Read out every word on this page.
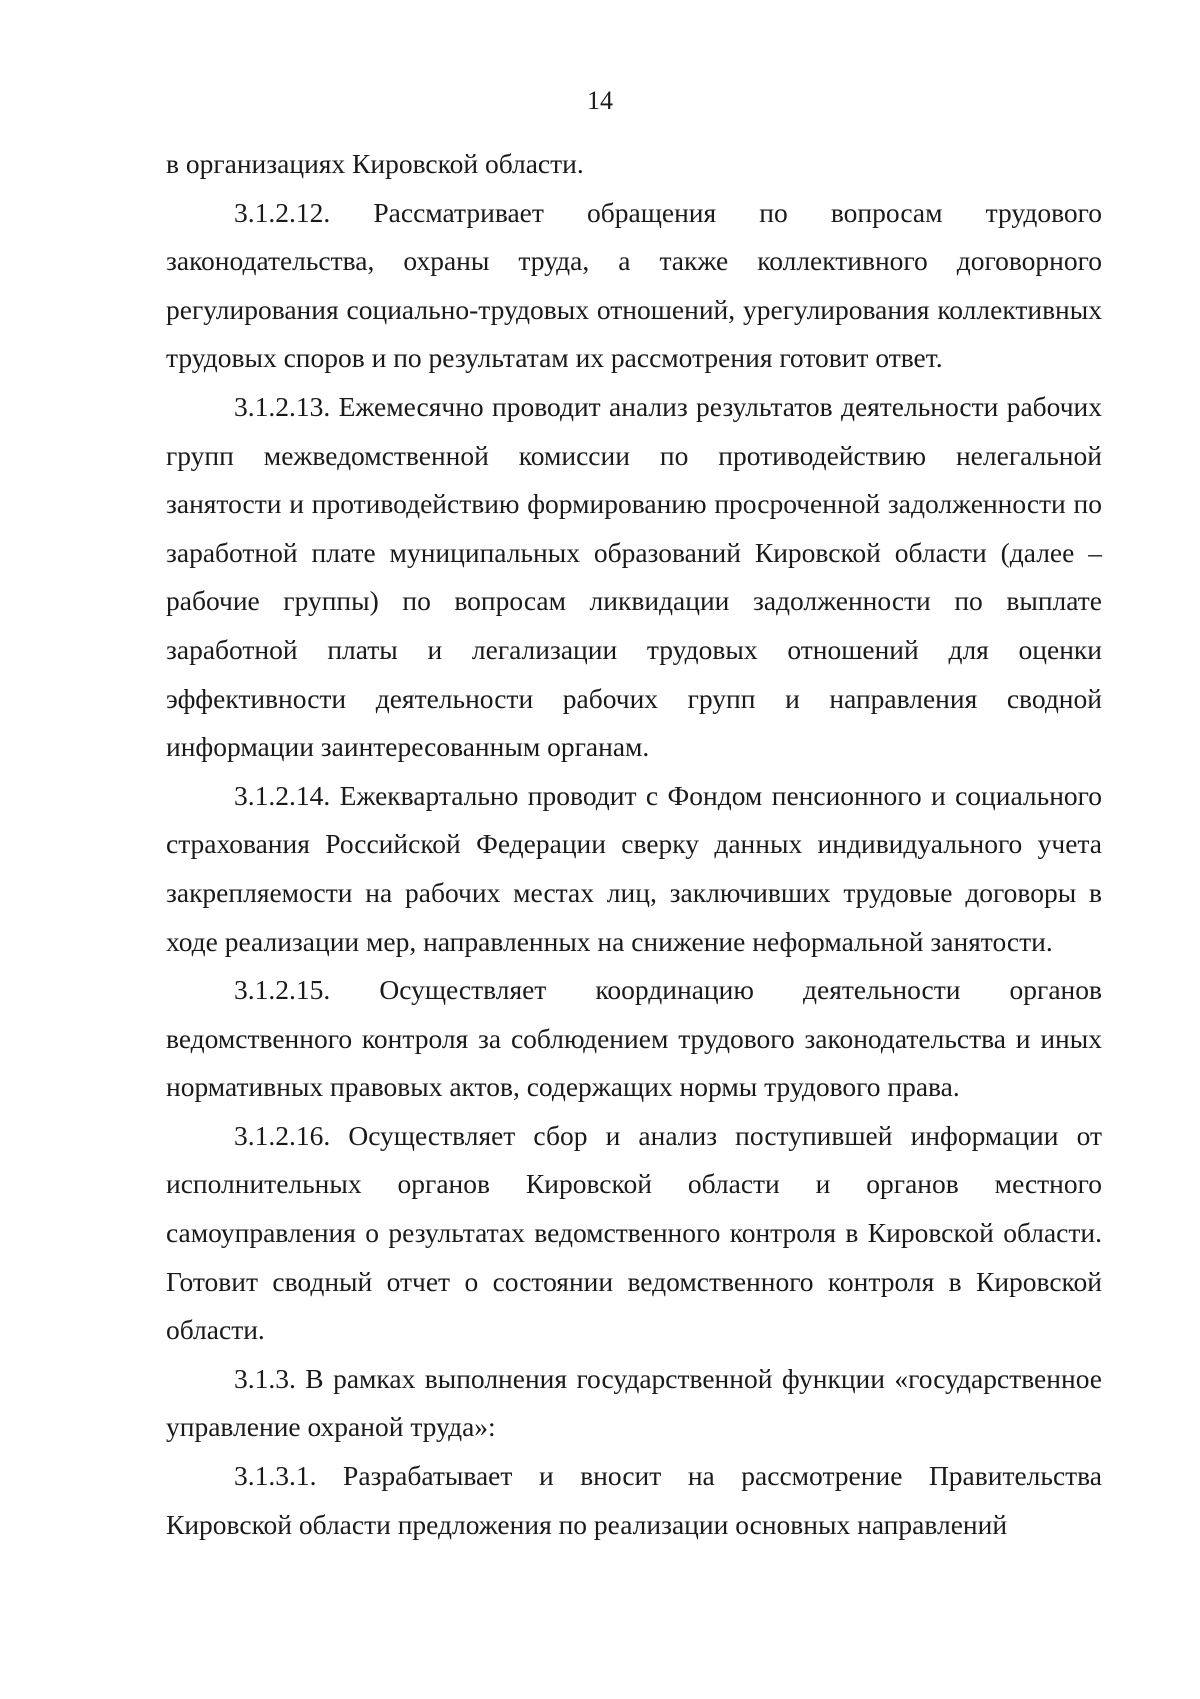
14

в организациях Кировской области.

3.1.2.12. Рассматривает обращения по вопросам трудового законодательства, охраны труда, а также коллективного договорного регулирования социально-трудовых отношений, урегулирования коллективных трудовых споров и по результатам их рассмотрения готовит ответ.

3.1.2.13. Ежемесячно проводит анализ результатов деятельности рабочих групп межведомственной комиссии по противодействию нелегальной занятости и противодействию формированию просроченной задолженности по заработной плате муниципальных образований Кировской области (далее – рабочие группы) по вопросам ликвидации задолженности по выплате заработной платы и легализации трудовых отношений для оценки эффективности деятельности рабочих групп и направления сводной информации заинтересованным органам.

3.1.2.14. Ежеквартально проводит с Фондом пенсионного и социального страхования Российской Федерации сверку данных индивидуального учета закрепляемости на рабочих местах лиц, заключивших трудовые договоры в ходе реализации мер, направленных на снижение неформальной занятости.

3.1.2.15. Осуществляет координацию деятельности органов ведомственного контроля за соблюдением трудового законодательства и иных нормативных правовых актов, содержащих нормы трудового права.

3.1.2.16. Осуществляет сбор и анализ поступившей информации от исполнительных органов Кировской области и органов местного самоуправления о результатах ведомственного контроля в Кировской области. Готовит сводный отчет о состоянии ведомственного контроля в Кировской области.

3.1.3. В рамках выполнения государственной функции «государственное управление охраной труда»:

3.1.3.1. Разрабатывает и вносит на рассмотрение Правительства Кировской области предложения по реализации основных направлений
